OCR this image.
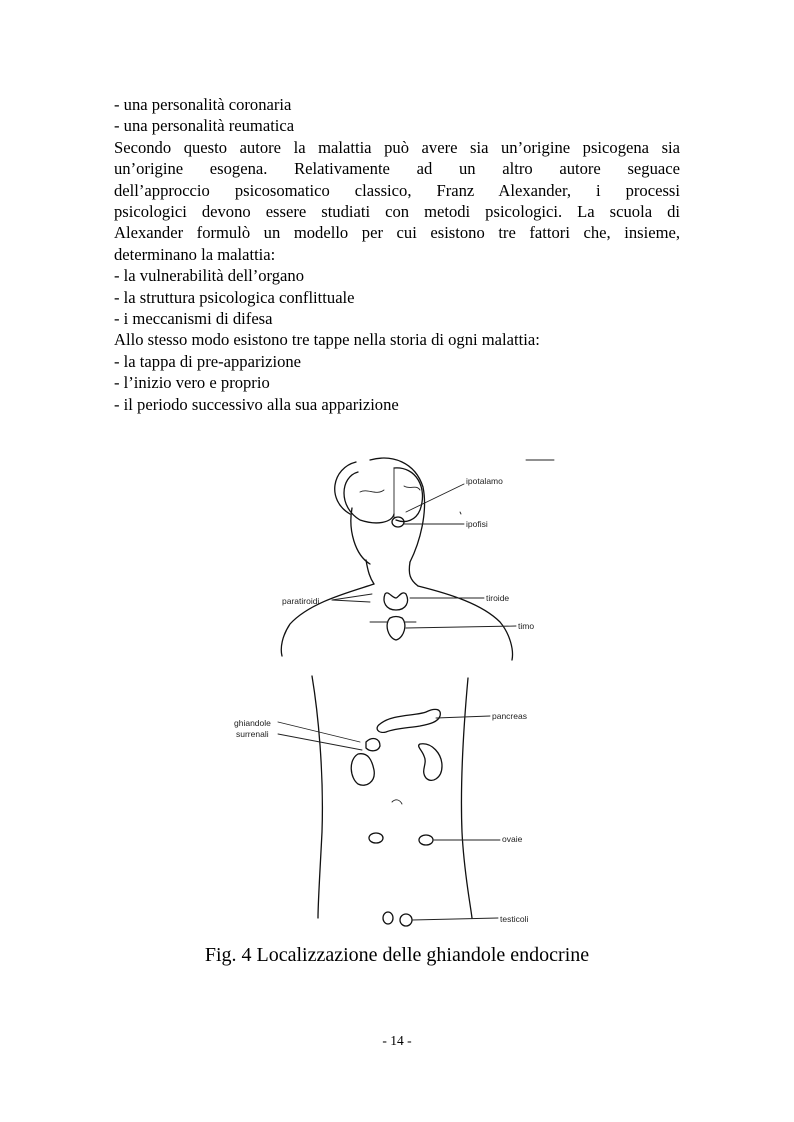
- una personalità coronaria
- una personalità reumatica
Secondo questo autore la malattia può avere sia un’origine psicogena sia
un’origine esogena. Relativamente ad un altro autore seguace
dell’approccio psicosomatico classico, Franz Alexander, i processi
psicologici devono essere studiati con metodi psicologici. La scuola di
Alexander formulò un modello per cui esistono tre fattori che, insieme,
determinano la malattia:
- la vulnerabilità dell’organo
- la struttura psicologica conflittuale
- i meccanismi di difesa
Allo stesso modo esistono tre tappe nella storia di ogni malattia:
- la tappa di pre-apparizione
- l’inizio vero e proprio
- il periodo successivo alla sua apparizione
ipotalamo
ipofisi
paratiroidi	tiroide
timo
ghiandole
surrenali
pancreas
ovaie
testicoli
Fig. 4 Localizzazione delle ghiandole endocrine
- 14 -
